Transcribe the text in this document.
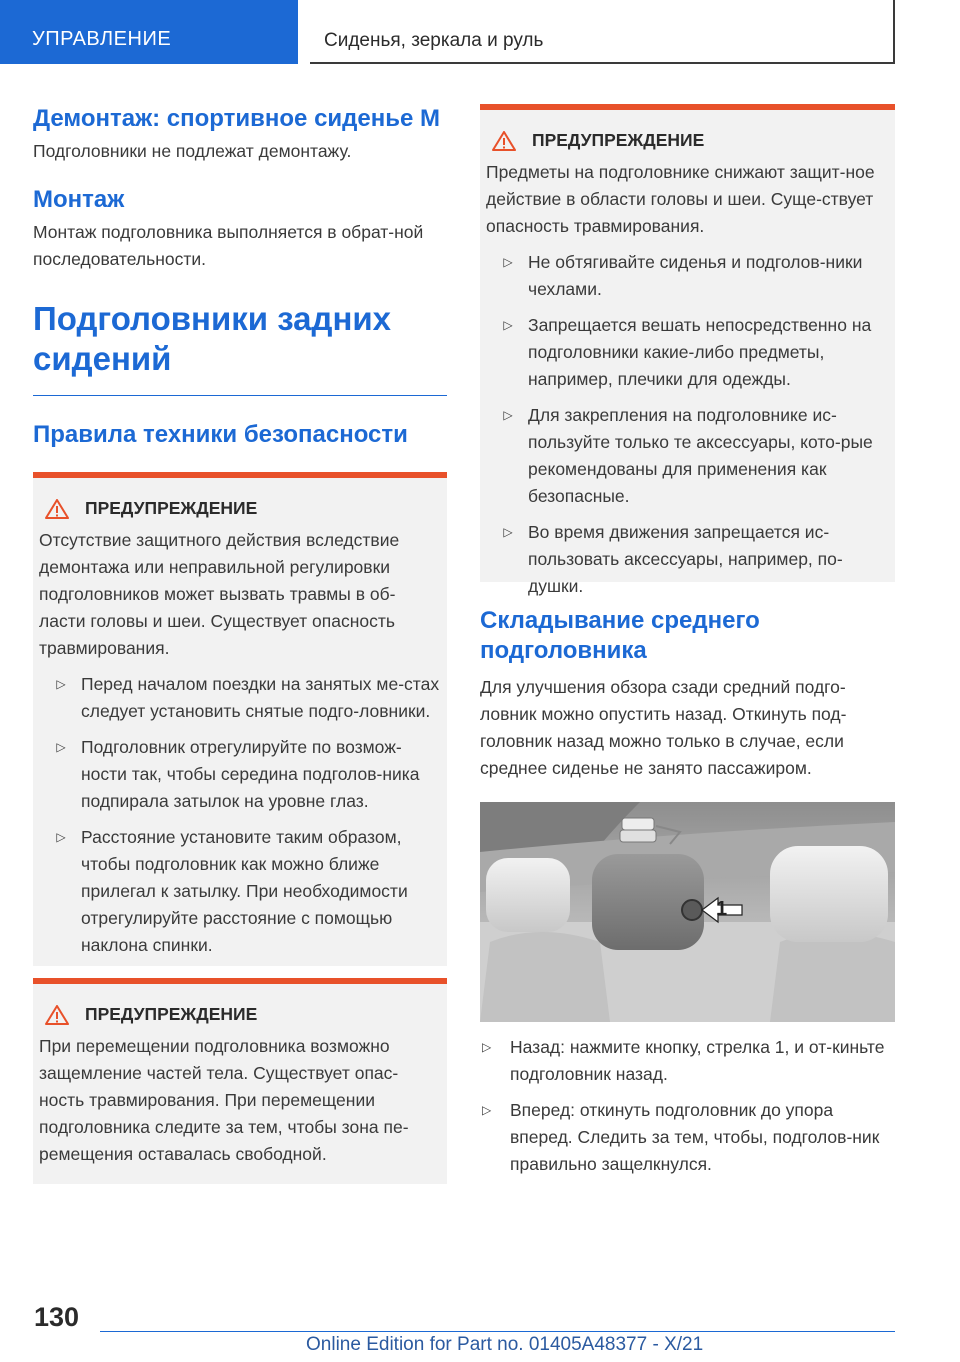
УПРАВЛЕНИЕ	Сиденья, зеркала и руль
Демонтаж: спортивное сиденье М

Подголовники не подлежат демонтажу.

Монтаж

Монтаж подголовника выполняется в обрат-ной последовательности.

Подголовники задних сидений
Правила техники безопасности
ПРЕДУПРЕЖДЕНИЕ

Отсутствие защитного действия вследствие демонтажа или неправильной регулировки подголовников может вызвать травмы в об-ласти головы и шеи. Существует опасность травмирования.

▷ Перед началом поездки на занятых ме-стах следует установить снятые подго-ловники.

▷ Подголовник отрегулируйте по возмож-ности так, чтобы середина подголов-ника подпирала затылок на уровне глаз.

▷ Расстояние установите таким образом, чтобы подголовник как можно ближе прилегал к затылку. При необходимости отрегулируйте расстояние с помощью наклона спинки.

ПРЕДУПРЕЖДЕНИЕ

При перемещении подголовника возможно защемление частей тела. Существует опас-ность травмирования. При перемещении подголовника следите за тем, чтобы зона пе-ремещения оставалась свободной.

ПРЕДУПРЕЖДЕНИЕ

Предметы на подголовнике снижают защит-ное действие в области головы и шеи. Суще-ствует опасность травмирования.

▷ Не обтягивайте сиденья и подголов-ники чехлами.

▷ Запрещается вешать непосредственно на подголовники какие-либо предметы, например, плечики для одежды.

▷ Для закрепления на подголовнике ис-пользуйте только те аксессуары, кото-рые рекомендованы для применения как безопасные.

▷ Во время движения запрещается ис-пользовать аксессуары, например, по-душки.

Складывание среднего подголовника

Для улучшения обзора сзади средний подго-ловник можно опустить назад. Откинуть под-головник назад можно только в случае, если среднее сиденье не занято пассажиром.

1
▷	Назад: нажмите кнопку, стрелка 1, и от-киньте подголовник назад.

▷	Вперед: откинуть подголовник до упора вперед. Следить за тем, чтобы, подголов-ник правильно защелкнулся.

130
Online Edition for Part no. 01405A48377 - X/21
